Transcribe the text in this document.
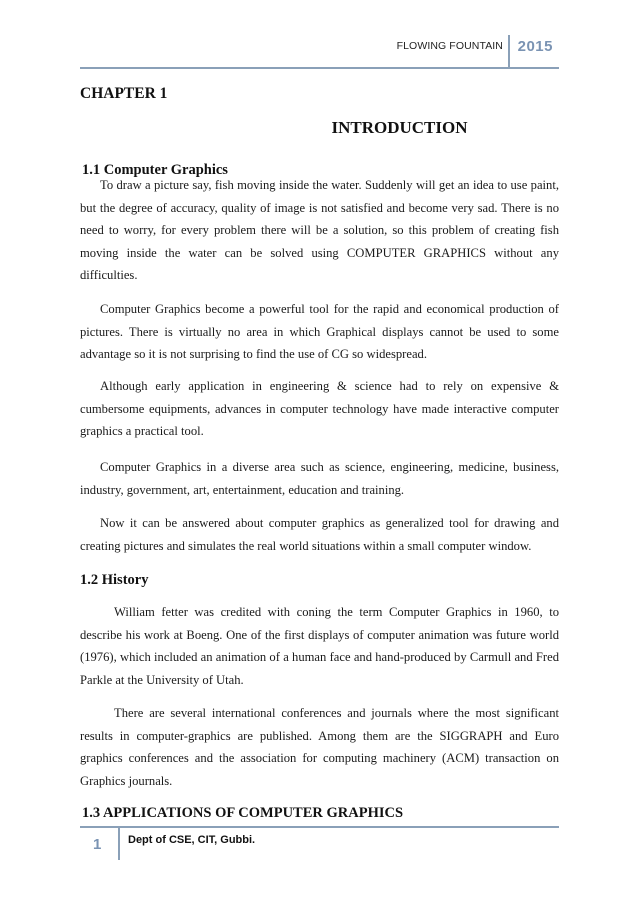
FLOWING FOUNTAIN 2015
CHAPTER 1
INTRODUCTION
1.1 Computer Graphics

To draw a picture say, fish moving inside the water. Suddenly will get an idea to use paint, but the degree of accuracy, quality of image is not satisfied and become very sad. There is no need to worry, for every problem there will be a solution, so this problem of creating fish moving inside the water can be solved using COMPUTER GRAPHICS without any difficulties.

Computer Graphics become a powerful tool for the rapid and economical production of pictures. There is virtually no area in which Graphical displays cannot be used to some advantage so it is not surprising to find the use of CG so widespread.

Although early application in engineering & science had to rely on expensive & cumbersome equipments, advances in computer technology have made interactive computer graphics a practical tool.

Computer Graphics in a diverse area such as science, engineering, medicine, business, industry, government, art, entertainment, education and training.

Now it can be answered about computer graphics as generalized tool for drawing and creating pictures and simulates the real world situations within a small computer window.

1.2 History

William fetter was credited with coning the term Computer Graphics in 1960, to describe his work at Boeng. One of the first displays of computer animation was future world (1976), which included an animation of a human face and hand-produced by Carmull and Fred Parkle at the University of Utah.

There are several international conferences and journals where the most significant results in computer-graphics are published. Among them are the SIGGRAPH and Euro graphics conferences and the association for computing machinery (ACM) transaction on Graphics journals.

1.3 APPLICATIONS OF COMPUTER GRAPHICS
1 Dept of CSE, CIT, Gubbi.
